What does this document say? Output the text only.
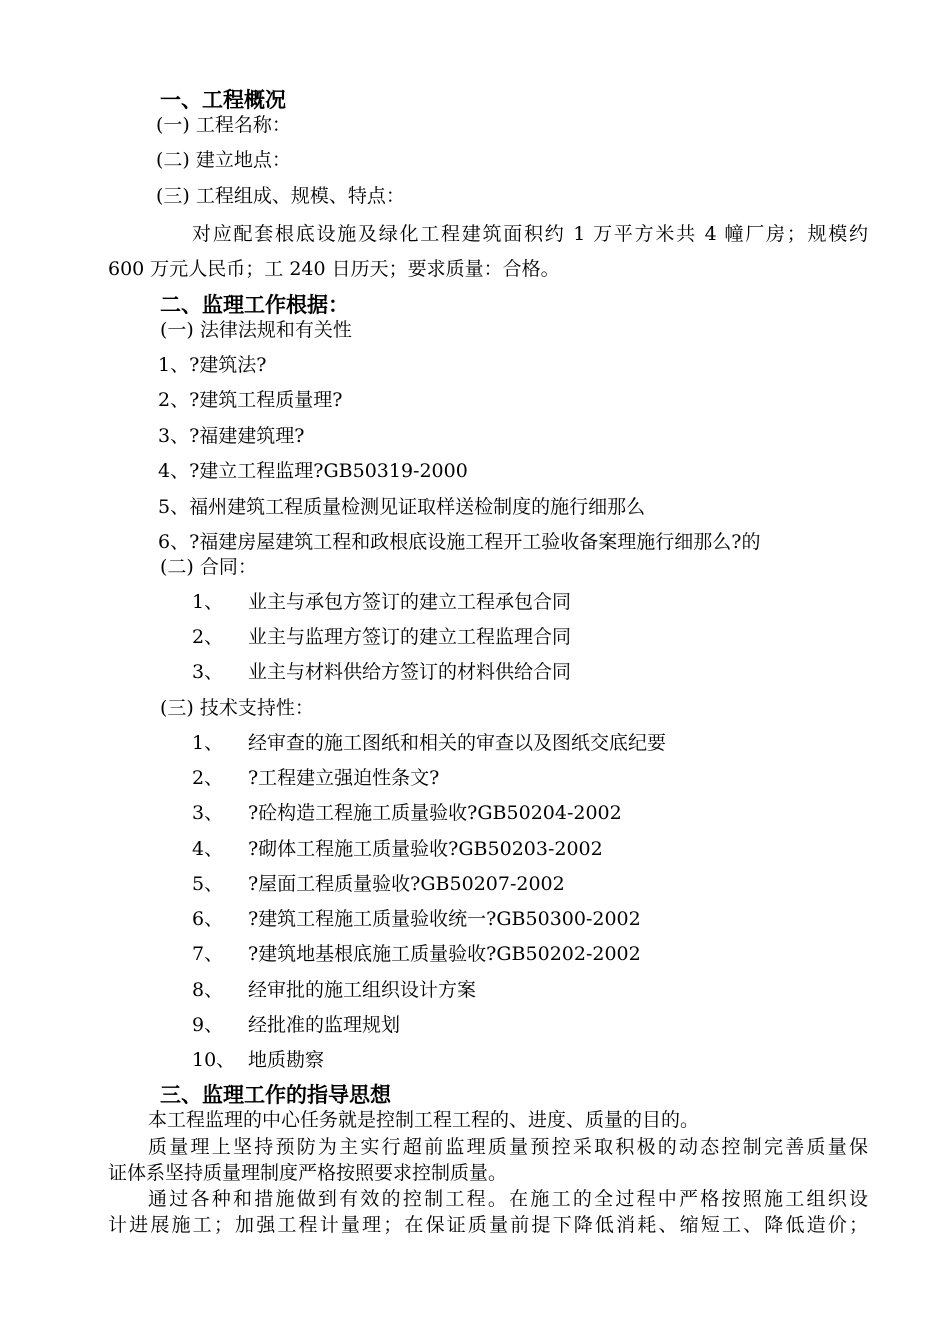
一、工程概况
(一) 工程名称：
(二) 建立地点：
(三) 工程组成、规模、特点：
对应配套根底设施及绿化工程建筑面积约 1 万平方米共 4 幢厂房；规模约
600 万元人民币；工 240 日历天；要求质量：合格。
二、监理工作根据：
(一) 法律法规和有关性
1、?建筑法?
2、?建筑工程质量理?
3、?福建建筑理?
4、?建立工程监理?GB50319-2000
5、福州建筑工程质量检测见证取样送检制度的施行细那么
6、?福建房屋建筑工程和政根底设施工程开工验收备案理施行细那么?的
(二) 合同：
1、 业主与承包方签订的建立工程承包合同
2、 业主与监理方签订的建立工程监理合同
3、 业主与材料供给方签订的材料供给合同
(三) 技术支持性：
1、 经审查的施工图纸和相关的审查以及图纸交底纪要
2、 ?工程建立强迫性条文?
3、 ?砼构造工程施工质量验收?GB50204-2002
4、 ?砌体工程施工质量验收?GB50203-2002
5、 ?屋面工程质量验收?GB50207-2002
6、 ?建筑工程施工质量验收统一?GB50300-2002
7、 ?建筑地基根底施工质量验收?GB50202-2002
8、 经审批的施工组织设计方案
9、 经批准的监理规划
10、 地质勘察
三、监理工作的指导思想
本工程监理的中心任务就是控制工程工程的、进度、质量的目的。
质量理上坚持预防为主实行超前监理质量预控采取积极的动态控制完善质量保
证体系坚持质量理制度严格按照要求控制质量。
通过各种和措施做到有效的控制工程。在施工的全过程中严格按照施工组织设
计进展施工；加强工程计量理；在保证质量前提下降低消耗、缩短工、降低造价；
